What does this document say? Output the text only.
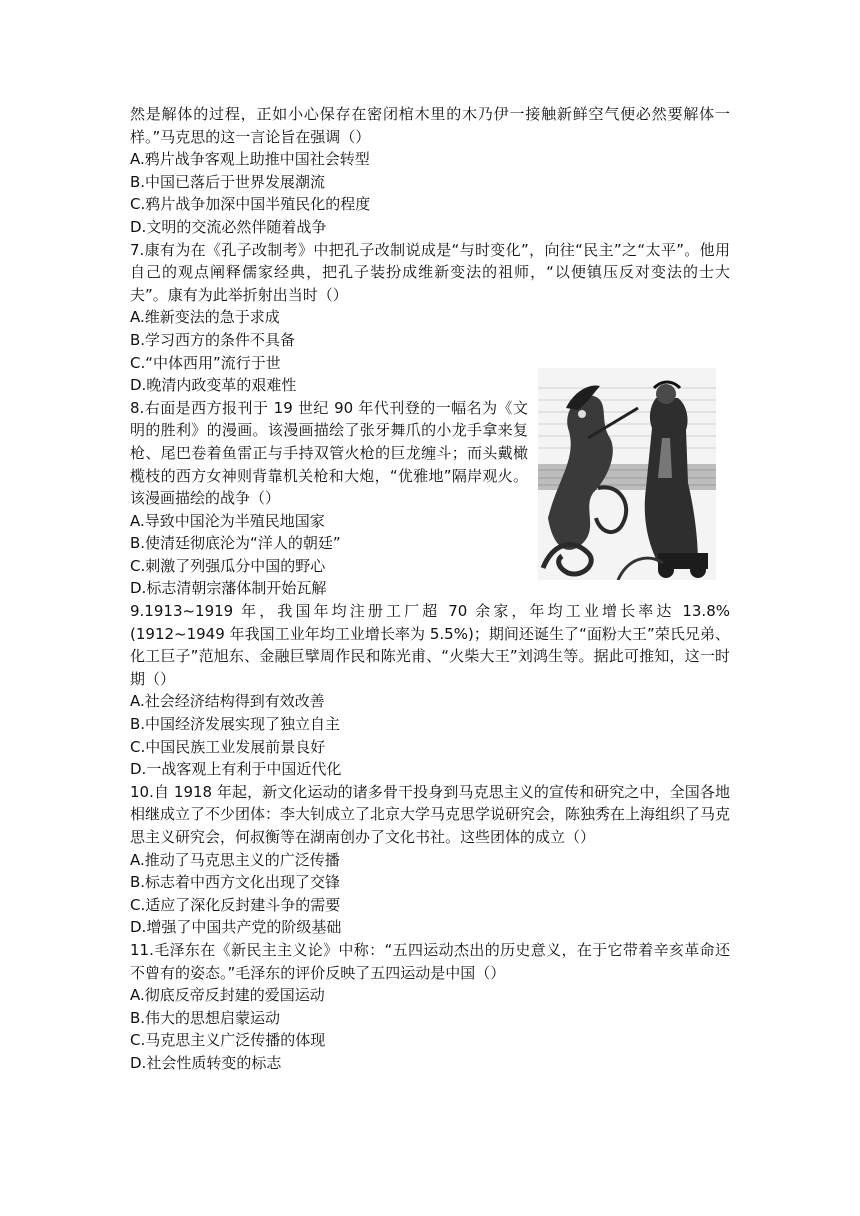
然是解体的过程，正如小心保存在密闭棺木里的木乃伊一接触新鲜空气便必然要解体一样。”马克思的这一言论旨在强调（）

A.鸦片战争客观上助推中国社会转型

B.中国已落后于世界发展潮流

C.鸦片战争加深中国半殖民化的程度

D.文明的交流必然伴随着战争

7.康有为在《孔子改制考》中把孔子改制说成是“与时变化”，向往“民主”之“太平”。他用自己的观点阐释儒家经典，把孔子装扮成维新变法的祖师，“以便镇压反对变法的士大夫”。康有为此举折射出当时（）

A.维新变法的急于求成

B.学习西方的条件不具备

C.“中体西用”流行于世

D.晚清内政变革的艰难性

8.右面是西方报刊于 19 世纪 90 年代刊登的一幅名为《文明的胜利》的漫画。该漫画描绘了张牙舞爪的小龙手拿来复枪、尾巴卷着鱼雷正与手持双管火枪的巨龙缠斗；而头戴橄榄枝的西方女神则背靠机关枪和大炮，“优雅地”隔岸观火。该漫画描绘的战争（）

A.导致中国沦为半殖民地国家

B.使清廷彻底沦为“洋人的朝廷”

C.刺激了列强瓜分中国的野心

D.标志清朝宗藩体制开始瓦解

9.1913~1919 年，我国年均注册工厂超 70 余家，年均工业增长率达 13.8%(1912~1949 年我国工业年均工业增长率为 5.5%)；期间还诞生了“面粉大王”荣氏兄弟、化工巨子”范旭东、金融巨擘周作民和陈光甫、“火柴大王”刘鸿生等。据此可推知，这一时期（）

A.社会经济结构得到有效改善

B.中国经济发展实现了独立自主

C.中国民族工业发展前景良好

D.一战客观上有利于中国近代化

10.自 1918 年起，新文化运动的诸多骨干投身到马克思主义的宣传和研究之中，全国各地相继成立了不少团体：李大钊成立了北京大学马克思学说研究会，陈独秀在上海组织了马克思主义研究会，何叔衡等在湖南创办了文化书社。这些团体的成立（）

A.推动了马克思主义的广泛传播

B.标志着中西方文化出现了交锋

C.适应了深化反封建斗争的需要

D.增强了中国共产党的阶级基础

11.毛泽东在《新民主主义论》中称：“五四运动杰出的历史意义，在于它带着辛亥革命还不曾有的姿态。”毛泽东的评价反映了五四运动是中国（）

A.彻底反帝反封建的爱国运动

B.伟大的思想启蒙运动

C.马克思主义广泛传播的体现

D.社会性质转变的标志
